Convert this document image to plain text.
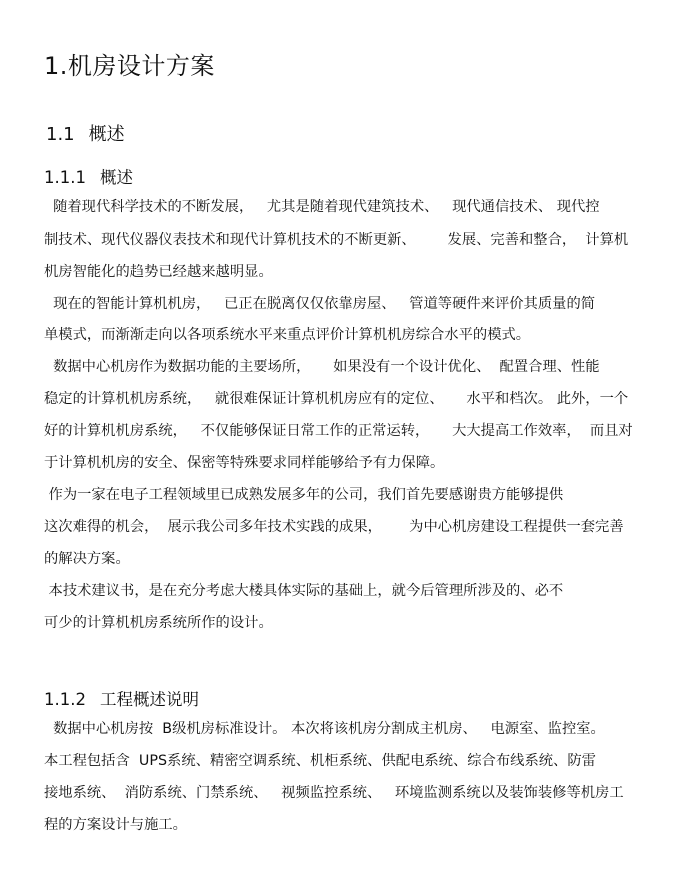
1.机房设计方案
1.1 概述
1.1.1 概述
随着现代科学技术的不断发展，   尤其是随着现代建筑技术、   现代通信技术、 现代控
制技术、现代仪器仪表技术和现代计算机技术的不断更新、       发展、完善和整合，  计算机
机房智能化的趋势已经越来越明显。
现在的智能计算机机房，   已正在脱离仅仅依靠房屋、   管道等硬件来评价其质量的简
单模式，而渐渐走向以各项系统水平来重点评价计算机机房综合水平的模式。
数据中心机房作为数据功能的主要场所，     如果没有一个设计优化、  配置合理、性能
稳定的计算机机房系统，   就很难保证计算机机房应有的定位、     水平和档次。 此外，一个
好的计算机机房系统，   不仅能够保证日常工作的正常运转，     大大提高工作效率，  而且对
于计算机机房的安全、保密等特殊要求同样能够给予有力保障。
作为一家在电子工程领域里已成熟发展多年的公司，我们首先要感谢贵方能够提供
这次难得的机会，  展示我公司多年技术实践的成果，      为中心机房建设工程提供一套完善
的解决方案。
本技术建议书，是在充分考虑大楼具体实际的基础上，就今后管理所涉及的、必不
可少的计算机机房系统所作的设计。
1.1.2 工程概述说明
数据中心机房按  B级机房标准设计。 本次将该机房分割成主机房、   电源室、监控室。
本工程包括含  UPS系统、精密空调系统、机柜系统、供配电系统、综合布线系统、防雷
接地系统、  消防系统、门禁系统、   视频监控系统、   环境监测系统以及装饰装修等机房工
程的方案设计与施工。
